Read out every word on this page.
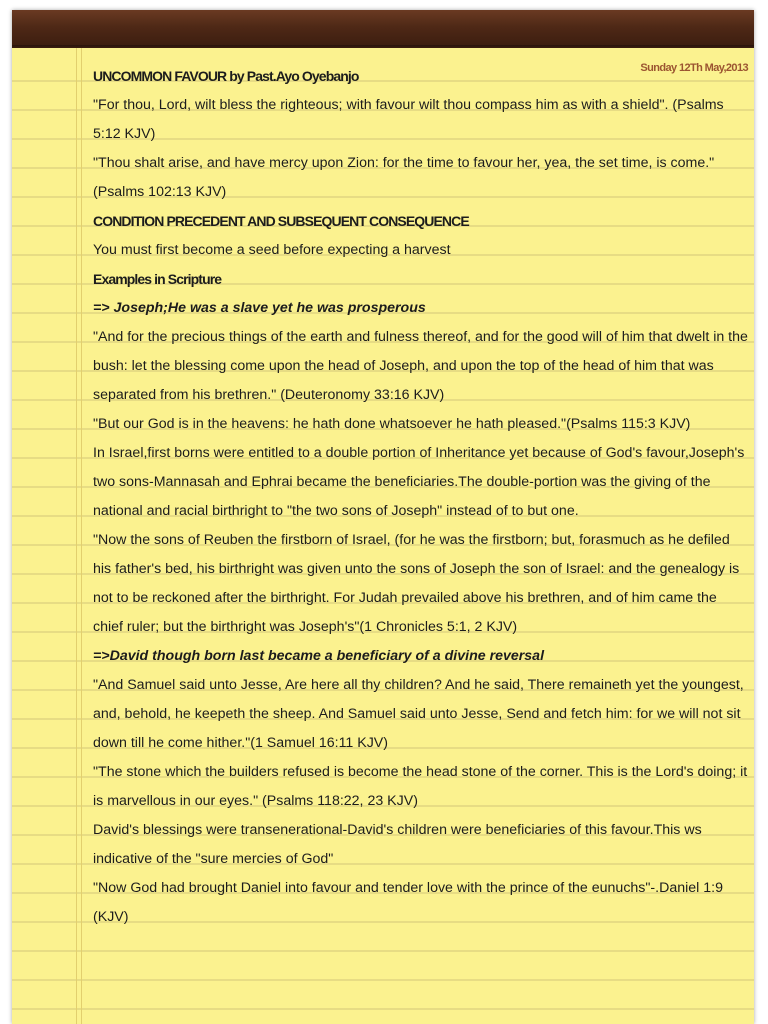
Sunday 12Th May,2013

UNCOMMON FAVOUR by Past.Ayo Oyebanjo

"For thou, Lord, wilt bless the righteous; with favour wilt thou compass him as with a shield". (Psalms 5:12 KJV)

"Thou shalt arise, and have mercy upon Zion: for the time to favour her, yea, the set time, is come." (Psalms 102:13 KJV)

CONDITION PRECEDENT AND SUBSEQUENT CONSEQUENCE

You must first become a seed before expecting a harvest

Examples in Scripture

=> Joseph;He was a slave yet he was prosperous

"And for the precious things of the earth and fulness thereof, and for the good will of him that dwelt in the bush: let the blessing come upon the head of Joseph, and upon the top of the head of him that was separated from his brethren." (Deuteronomy 33:16 KJV)

"But our God is in the heavens: he hath done whatsoever he hath pleased."(Psalms 115:3 KJV)

In Israel,first borns were entitled to a double portion of Inheritance yet because of God's favour,Joseph's two sons-Mannasah and Ephrai became the beneficiaries.The double-portion was the giving of the national and racial birthright to "the two sons of Joseph" instead of to but one.

"Now the sons of Reuben the firstborn of Israel, (for he was the firstborn; but, forasmuch as he defiled his father's bed, his birthright was given unto the sons of Joseph the son of Israel: and the genealogy is not to be reckoned after the birthright. For Judah prevailed above his brethren, and of him came the chief ruler; but the birthright was Joseph's"(1 Chronicles 5:1, 2 KJV)

=>David though born last became a beneficiary of a divine reversal

"And Samuel said unto Jesse, Are here all thy children? And he said, There remaineth yet the youngest, and, behold, he keepeth the sheep. And Samuel said unto Jesse, Send and fetch him: for we will not sit down till he come hither."(1 Samuel 16:11 KJV)

"The stone which the builders refused is become the head stone of the corner. This is the Lord's doing; it is marvellous in our eyes." (Psalms 118:22, 23 KJV)

David's blessings were transenerational-David's children were beneficiaries of this favour.This ws indicative of the "sure mercies of God"

"Now God had brought Daniel into favour and tender love with the prince of the eunuchs"-.Daniel 1:9 (KJV)
